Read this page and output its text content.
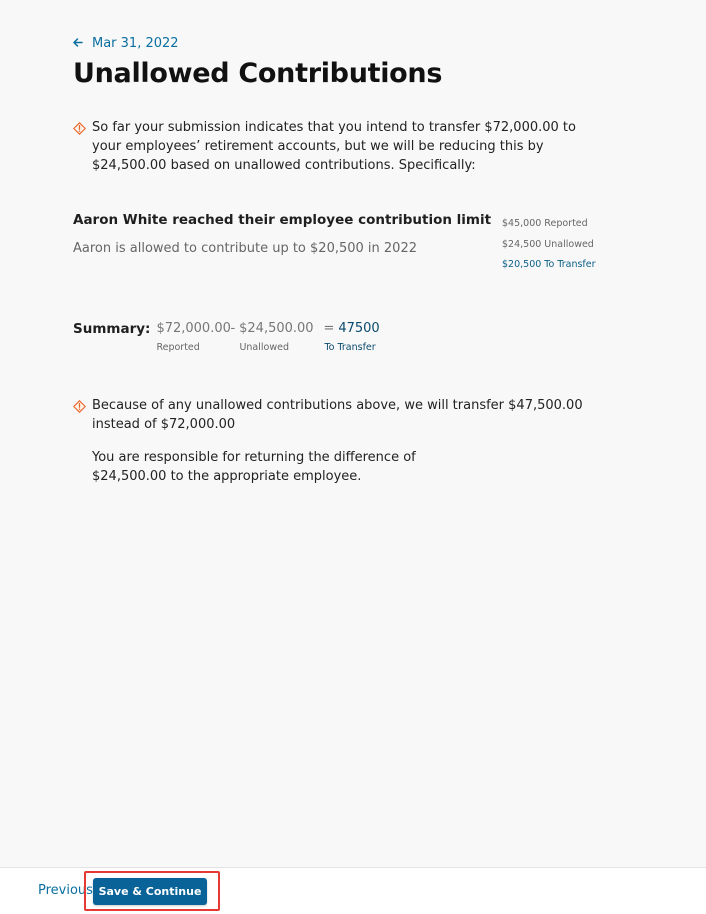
Mar 31, 2022
Unallowed Contributions
So far your submission indicates that you intend to transfer $72,000.00 to your employees’ retirement accounts, but we will be reducing this by $24,500.00 based on unallowed contributions. Specifically:
Aaron White reached their employee contribution limit
Aaron is allowed to contribute up to $20,500 in 2022
$45,000 Reported
$24,500 Unallowed
$20,500 To Transfer
Summary: $72,000.00
Reported
- $24,500.00
Unallowed
= 47500
To Transfer
Because of any unallowed contributions above, we will transfer $47,500.00 instead of $72,000.00
You are responsible for returning the difference of $24,500.00 to the appropriate employee.
Previous Save & Continue
